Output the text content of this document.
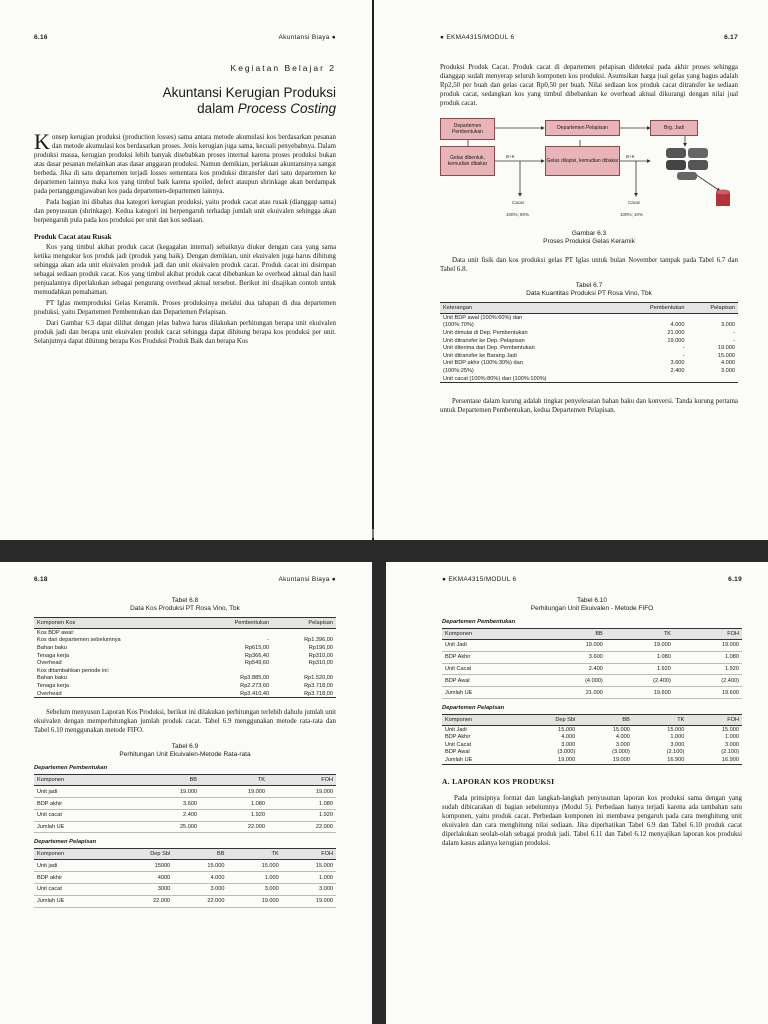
6.16	Akuntansi Biaya ●
Kegiatan Belajar 2
Akuntansi Kerugian Produksi
dalam Process Costing

Konsep kerugian produksi (production losses) sama antara metode akumulasi kos berdasarkan pesanan dan metode akumulasi kos berdasarkan proses. Jenis kerugian juga sama, kecuali penyebabnya. Dalam produksi massa, kerugian produksi lebih banyak disebabkan proses internal karena proses produksi bukan atas dasar pesanan melainkan atas dasar anggaran produksi. Namun demikian, perlakuan akuntansinya sangat berbeda. Jika di satu departemen terjadi losses sementara kos produksi ditransfer dari satu departemen ke departemen lainnya maka kos yang timbul baik karena spoiled, defect ataupun shrinkage akan berdampak pada pertanggungjawaban kos pada departemen-departemen lainnya.

Pada bagian ini dibahas dua kategori kerugian produksi, yaitu produk cacat atau rusak (dianggap sama) dan penyusutan (shrinkage). Kedua kategori ini berpengaruh terhadap jumlah unit ekuivalen sehingga akan berpengaruh pula pada kos produksi per unit dan kos sediaan.

Produk Cacat atau Rusak

Kos yang timbul akibat produk cacat (kegagalan internal) sebaiknya diukur dengan cara yang sama ketika mengukur kos produk jadi (produk yang baik). Dengan demikian, unit ekuivalen juga harus dihitung sehingga akan ada unit ekuivalen produk jadi dan unit ekuivalen produk cacat. Produk cacat ini disimpan sebagai sediaan produk cacat. Kos yang timbul akibat produk cacat dibebankan ke overhead aktual dan hasil penjualannya diperlakukan sebagai pengurang overhead aktual tersebut. Berikut ini disajikan contoh untuk memudahkan pemahaman.

PT Iglas memproduksi Gelas Keramik. Proses produksinya melalui dua tahapan di dua departemen produksi, yaitu Departemen Pembentukan dan Departemen Pelapisan.

Dari Gambar 6.3 dapat dilihat dengan jelas bahwa harus dilakukan perhitungan berapa unit ekuivalen produk jadi dan berapa unit ekuivalen produk cacat sehingga dapat dihitung berapa kos produksi per unit. Selanjutnya dapat dihitung berapa Kos Produksi Produk Baik dan berapa Kos

● EKMA4315/MODUL 6	6.17

Produksi Produk Cacat. Produk cacat di departemen pelapisan dideteksi pada akhir proses sehingga dianggap sudah menyerap seluruh komponen kos produksi. Asumsikan harga jual gelas yang bagus adalah Rp2,50 per buah dan gelas cacat Rp0,50 per buah. Nilai sediaan kos produk cacat ditransfer ke sediaan produk cacat, sedangkan kos yang timbul dibebankan ke overhead aktual dikurangi dengan nilai jual produk cacat.

Departemen Pembentukan
Departemen Pelapisan	Brg. Jadi
Gelas dibentuk, kemudian dibakar	Gelas dilapisi, kemudian dibakar
B+K	B+K
Cacat	Cacat
100%; 80%	100%; 10%
Gambar 6.3
Proses Produksi Gelas Keramik

Data unit fisik dan kos produksi gelas PT Iglas untuk bulan November tampak pada Tabel 6.7 dan Tabel 6.8.

Tabel 6.7
Data Kuantitas Produksi PT Rosa Vino, Tbk
Keterangan	Pembentukan	Pelapisan
Unit BDP awal (100%:60%) dan		
(100%:70%)	4.000	3.000
Unit dimulai di Dep. Pembentukan	21.000	-
Unit ditransfer ke Dep. Pelapisan	19.000	-
Unit diterima dari Dep. Pembentukan	-	19.000
Unit ditransfer ke Barang Jadi	-	15.000
Unit BDP akhir (100%:30%) dan	3.600	4.000
(100%:25%)	2.400	3.000
Unit cacat (100%:80%) dan (100%:100%)		

Persentase dalam kurung adalah tingkat penyelesaian bahan baku dan konversi. Tanda kurung pertama untuk Departemen Pembentukan, kedua Departemen Pelapisan.

6.18	Akuntansi Biaya ●
Tabel 6.8
Data Kos Produksi PT Rosa Vino, Tbk
Komponen Kos	Pembentukan	Pelapisan
Kos BDP awal:		
Kos dari departemen sebelumnya	-	Rp1.396,00
Bahan baku	Rp615,00	Rp196,00
Tenaga kerja	Rp366,40	Rp310,00
Overhead	Rp549,60	Rp310,00
Kos ditambahkan periode ini:		
Bahan baku	Rp3.885,00	Rp1.520,00
Tenaga kerja	Rp2.273,60	Rp3.718,00
Overhead	Rp3.410,40	Rp3.718,00

Sebelum menyusun Laporan Kos Produksi, berikut ini dilakukan perhitungan terlebih dahulu jumlah unit ekuivalen dengan memperhitungkan jumlah produk cacat. Tabel 6.9 menggunakan metode rata-rata dan Tabel 6.10 menggunakan metode FIFO.

Tabel 6.9
Perhitungan Unit Ekuivalen-Metode Rata-rata
Departemen Pembentukan
Komponen	BB	TK	FOH
Unit jadi	19.000	19.000	19.000
BDP akhir	3.600	1.080	1.080
Unit cacat	2.400	1.920	1.920
Jumlah UE	25.000	22.000	22.000
Departemen Pelapisan
Komponen	Dep Sbl	BB	TK	FOH
Unit jadi	15000	15.000	15.000	15.000
BDP akhir	4000	4.000	1.000	1.000
Unit cacat	3000	3.000	3.000	3.000
Jumlah UE	22.000	22.000	19.000	19.000
● EKMA4315/MODUL 6	6.19
Tabel 6.10
Perhitungan Unit Ekuivalen - Metode FIFO
Departemen Pembentukan
Komponen	BB	TK	FOH
Unit Jadi	19.000	19.000	19.000
BDP Akhir	3.600	1.080	1.080
Unit Cacat	2.400	1.920	1.920
BDP Awal	(4.000)	(2.400)	(2.400)
Jumlah UE	21.000	19.600	19.600
Departemen Pelapisan
Komponen	Dep Sbl	BB	TK	FOH
Unit Jadi	15.000	15.000	15.000	15.000
BDP Akhir	4.000	4.000	1.000	1.000
Unit Cacat	3.000	3.000	3.000	3.000
BDP Awal	(3.000)	(3.000)	(2.100)	(2.100)
Jumlah UE	19.000	19.000	16.900	16.900
A. LAPORAN KOS PRODUKSI

Pada prinsipnya format dan langkah-langkah penyusunan laporan kos produksi sama dengan yang sudah dibicarakan di bagian sebelumnya (Modul 5). Perbedaan hanya terjadi karena ada tambahan satu komponen, yaitu produk cacat. Perbedaan komponen ini membawa pengaruh pada cara menghitung unit ekuivalen dan cara menghitung nilai sediaan. Jika diperhatikan Tabel 6.9 dan Tabel 6.10 produk cacat diperlakukan seolah-olah sebagai produk jadi. Tabel 6.11 dan Tabel 6.12 menyajikan laporan kos produksi dalam kasus adanya kerugian produksi.
